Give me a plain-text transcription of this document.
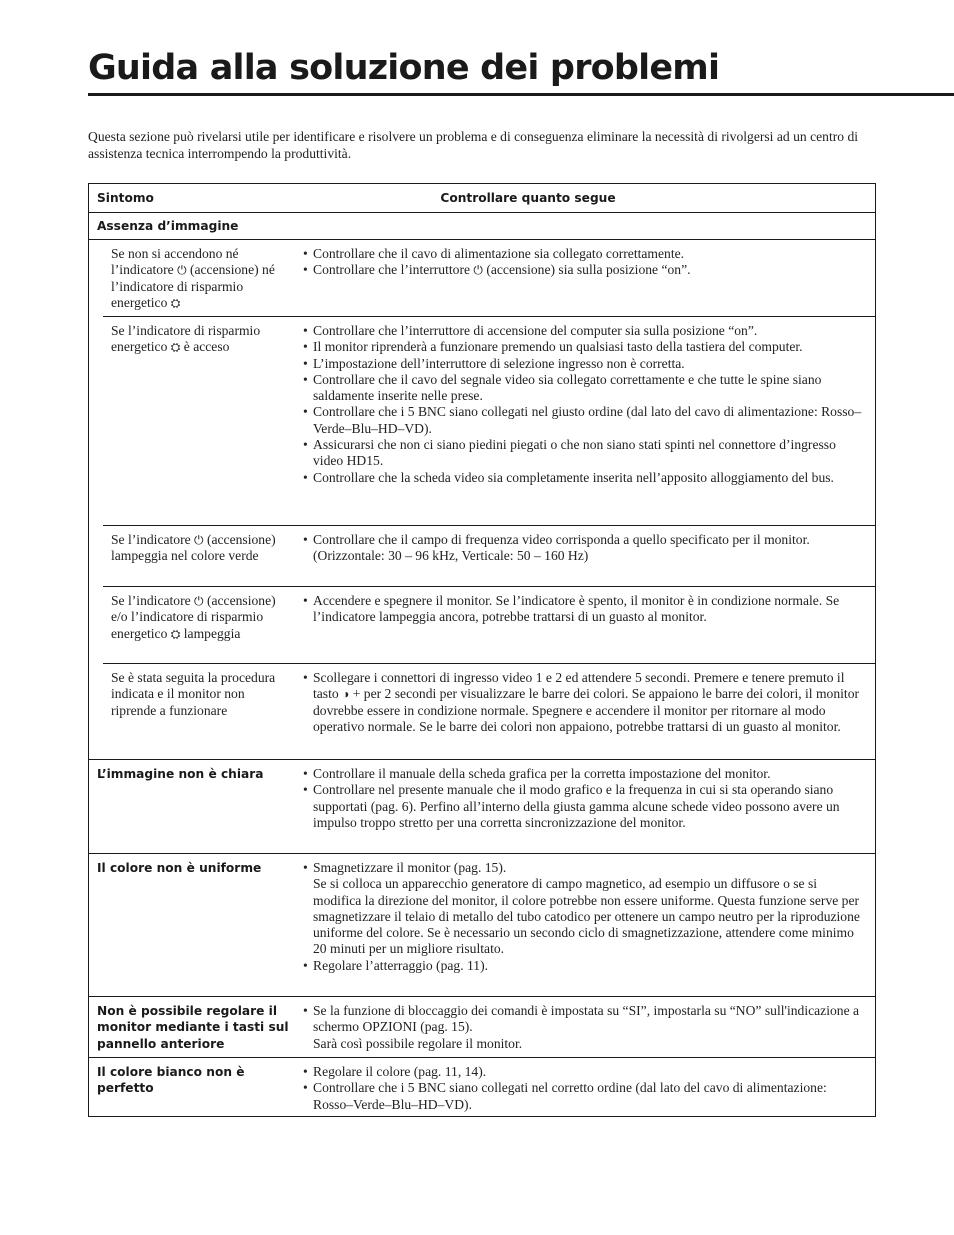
Guida alla soluzione dei problemi

Questa sezione può rivelarsi utile per identificare e risolvere un problema e di conseguenza eliminare la necessità di rivolgersi ad un centro di assistenza tecnica interrompendo la produttività.

Sintomo	Controllare quanto segue
Assenza d’immagine
Se non si accendono né l’indicatore ⏻ (accensione) né l’indicatore di risparmio energetico ⛭
• Controllare che il cavo di alimentazione sia collegato correttamente.
• Controllare che l’interruttore ⏻ (accensione) sia sulla posizione “on”.
Se l’indicatore di risparmio energetico ⛭ è acceso
• Controllare che l’interruttore di accensione del computer sia sulla posizione “on”.
• Il monitor riprenderà a funzionare premendo un qualsiasi tasto della tastiera del computer.
• L’impostazione dell’interruttore di selezione ingresso non è corretta.
• Controllare che il cavo del segnale video sia collegato correttamente e che tutte le spine siano saldamente inserite nelle prese.
• Controllare che i 5 BNC siano collegati nel giusto ordine (dal lato del cavo di alimentazione: Rosso–Verde–Blu–HD–VD).
• Assicurarsi che non ci siano piedini piegati o che non siano stati spinti nel connettore d’ingresso video HD15.
• Controllare che la scheda video sia completamente inserita nell’apposito alloggiamento del bus.
Se l’indicatore ⏻ (accensione) lampeggia nel colore verde
• Controllare che il campo di frequenza video corrisponda a quello specificato per il monitor.
(Orizzontale: 30 – 96 kHz, Verticale: 50 – 160 Hz)
Se l’indicatore ⏻ (accensione) e/o l’indicatore di risparmio energetico ⛭ lampeggia
• Accendere e spegnere il monitor. Se l’indicatore è spento, il monitor è in condizione normale. Se l’indicatore lampeggia ancora, potrebbe trattarsi di un guasto al monitor.
Se è stata seguita la procedura indicata e il monitor non riprende a funzionare
• Scollegare i connettori di ingresso video 1 e 2 ed attendere 5 secondi. Premere e tenere premuto il tasto ◑ + per 2 secondi per visualizzare le barre dei colori. Se appaiono le barre dei colori, il monitor dovrebbe essere in condizione normale. Spegnere e accendere il monitor per ritornare al modo operativo normale. Se le barre dei colori non appaiono, potrebbe trattarsi di un guasto al monitor.
L’immagine non è chiara	• Controllare il manuale della scheda grafica per la corretta impostazione del monitor.
• Controllare nel presente manuale che il modo grafico e la frequenza in cui si sta operando siano supportati (pag. 6). Perfino all’interno della giusta gamma alcune schede video possono avere un impulso troppo stretto per una corretta sincronizzazione del monitor.
Il colore non è uniforme	• Smagnetizzare il monitor (pag. 15).
Se si colloca un apparecchio generatore di campo magnetico, ad esempio un diffusore o se si modifica la direzione del monitor, il colore potrebbe non essere uniforme. Questa funzione serve per smagnetizzare il telaio di metallo del tubo catodico per ottenere un campo neutro per la riproduzione uniforme del colore. Se è necessario un secondo ciclo di smagnetizzazione, attendere come minimo 20 minuti per un migliore risultato.
• Regolare l’atterraggio (pag. 11).
Non è possibile regolare il monitor mediante i tasti sul pannello anteriore
• Se la funzione di bloccaggio dei comandi è impostata su “SI”, impostarla su “NO” sull'indicazione a schermo OPZIONI (pag. 15).
Sarà così possibile regolare il monitor.
Il colore bianco non è perfetto
• Regolare il colore (pag. 11, 14).
• Controllare che i 5 BNC siano collegati nel corretto ordine (dal lato del cavo di alimentazione: Rosso–Verde–Blu–HD–VD).
